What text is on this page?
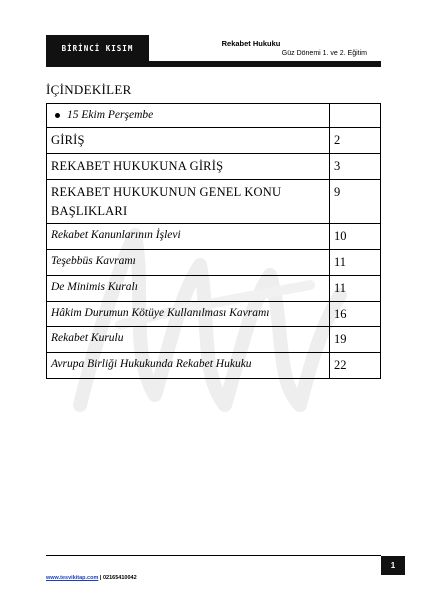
BİRİNCİ KISIM	Rekabet Hukuku
Güz Dönemi 1. ve 2. Eğitim
İÇİNDEKİLER
15 Ekim Perşembe	
GİRİŞ	2
REKABET HUKUKUNA GİRİŞ	3
REKABET HUKUKUNUN GENEL KONU BAŞLIKLARI	9
Rekabet Kanunlarının İşlevi	10
Teşebbüs Kavramı	11
De Minimis Kuralı	11
Hâkim Durumun Kötüye Kullanılması Kavramı	16
Rekabet Kurulu	19
Avrupa Birliği Hukukunda Rekabet Hukuku	22
1
www.tesvikitap.com | 02165410042
